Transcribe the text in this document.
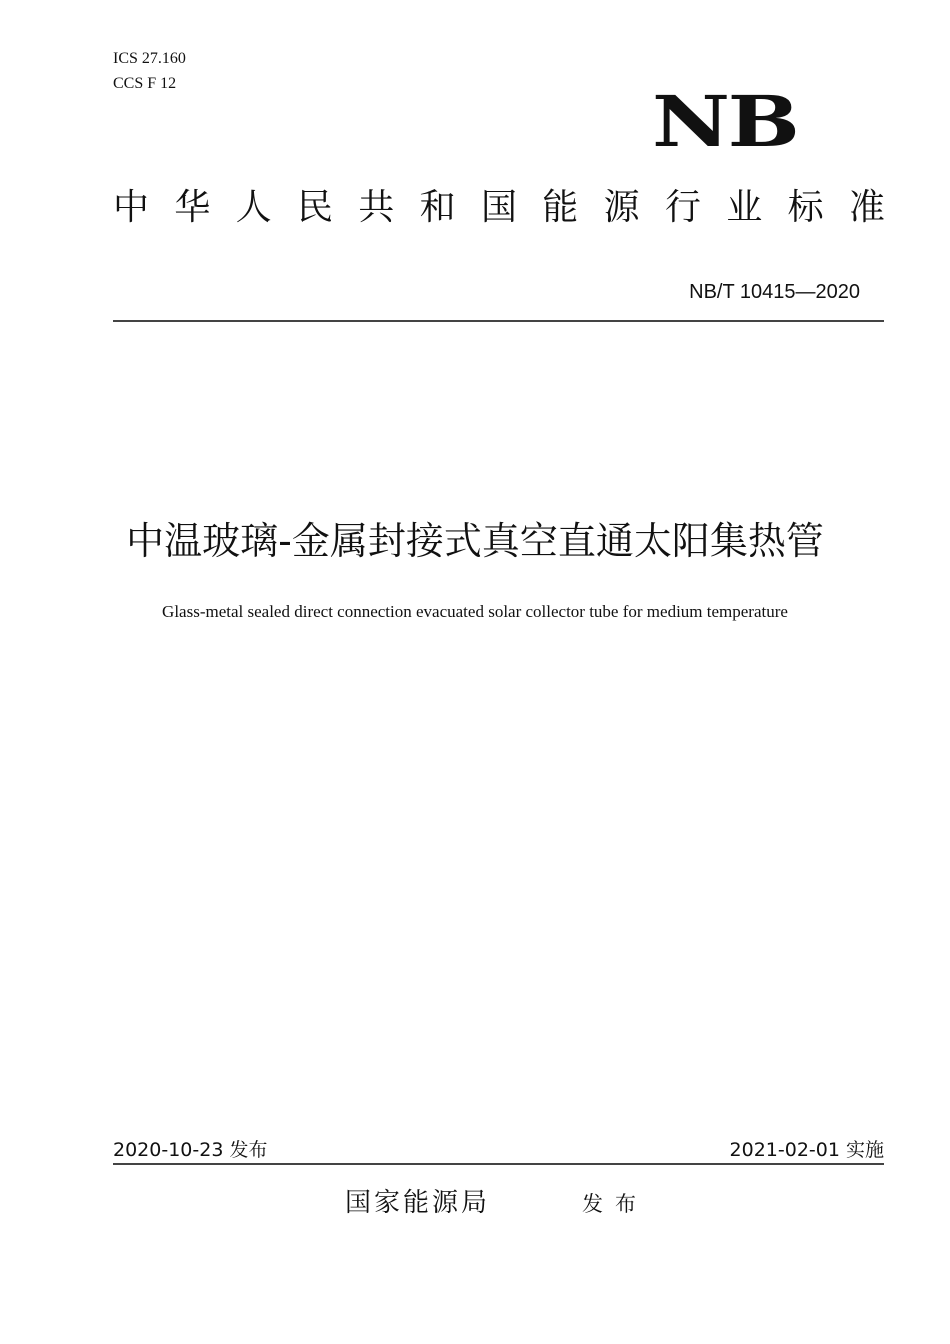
ICS 27.160
CCS F 12	NB
中 华 人 民 共 和 国 能 源 行 业 标 准
NB/T 10415—2020
中温玻璃-金属封接式真空直通太阳集热管
Glass-metal sealed direct connection evacuated solar collector tube for medium temperature
2020-10-23 发布	2021-02-01 实施
国家能源局	发布
